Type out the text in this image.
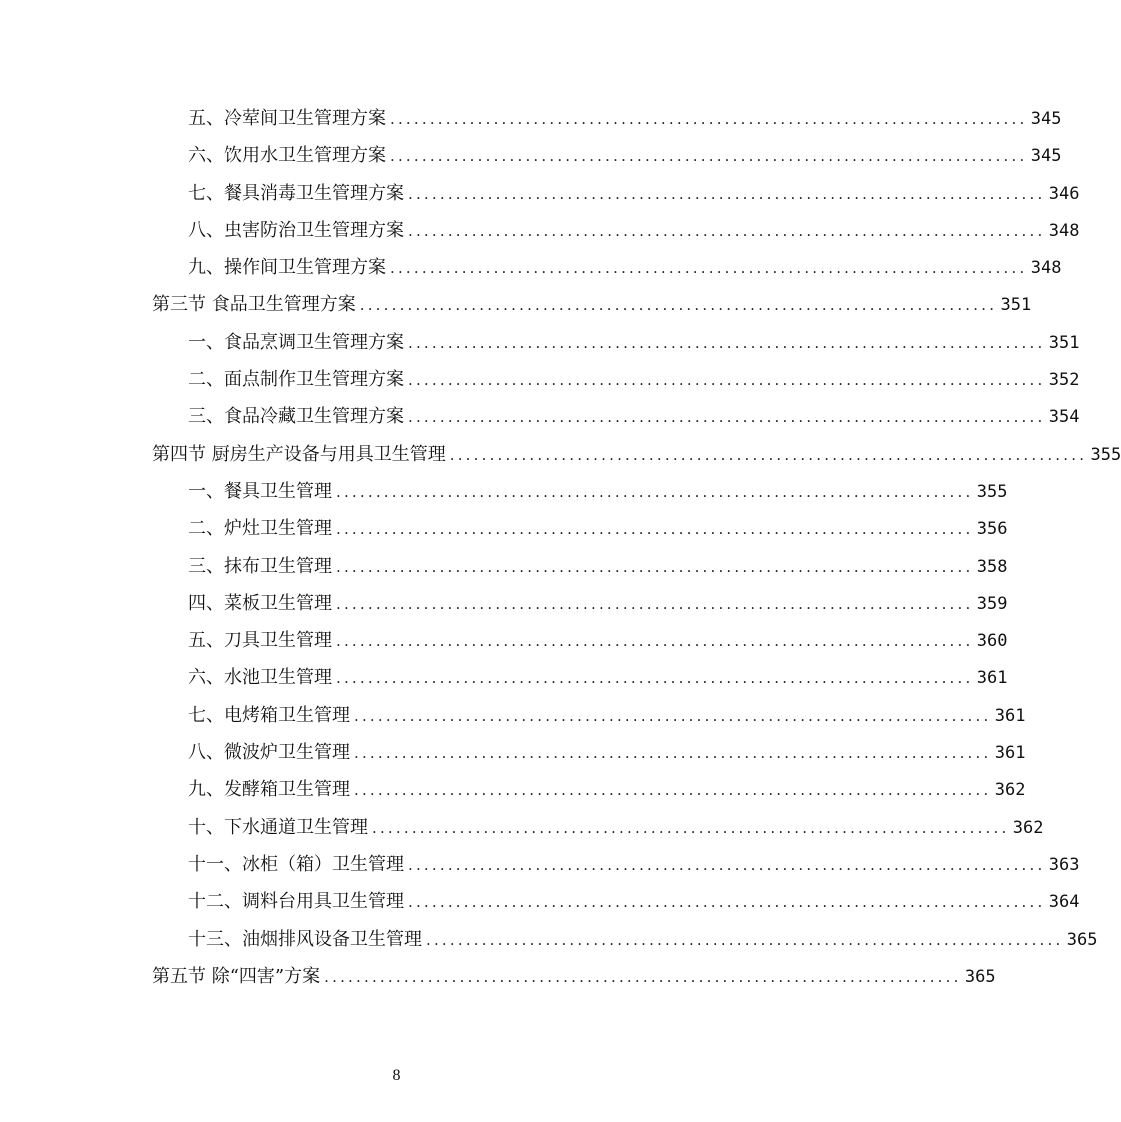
五、冷荤间卫生管理方案 ................................................................................ 345
六、饮用水卫生管理方案 ................................................................................ 345
七、餐具消毒卫生管理方案 ................................................................................ 346
八、虫害防治卫生管理方案 ................................................................................ 348
九、操作间卫生管理方案 ................................................................................ 348
第三节 食品卫生管理方案 ................................................................................ 351
一、食品烹调卫生管理方案 ................................................................................ 351
二、面点制作卫生管理方案 ................................................................................ 352
三、食品冷藏卫生管理方案 ................................................................................ 354
第四节 厨房生产设备与用具卫生管理 ................................................................................ 355
一、餐具卫生管理 ................................................................................ 355
二、炉灶卫生管理 ................................................................................ 356
三、抹布卫生管理 ................................................................................ 358
四、菜板卫生管理 ................................................................................ 359
五、刀具卫生管理 ................................................................................ 360
六、水池卫生管理 ................................................................................ 361
七、电烤箱卫生管理 ................................................................................ 361
八、微波炉卫生管理 ................................................................................ 361
九、发酵箱卫生管理 ................................................................................ 362
十、下水通道卫生管理 ................................................................................ 362
十一、冰柜（箱）卫生管理 ................................................................................ 363
十二、调料台用具卫生管理 ................................................................................ 364
十三、油烟排风设备卫生管理 ................................................................................ 365
第五节 除“四害”方案 ................................................................................ 365
8
